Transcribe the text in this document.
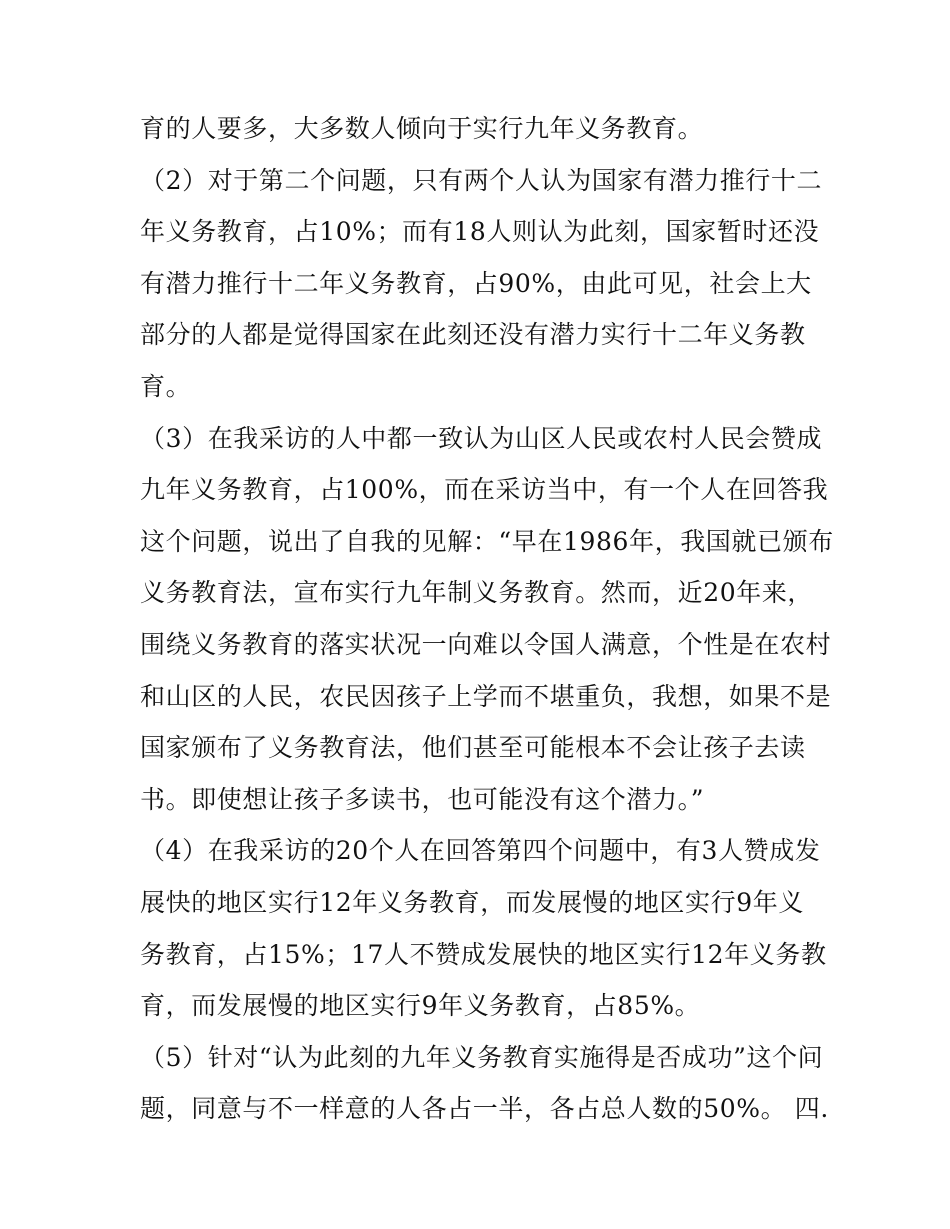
育的人要多，大多数人倾向于实行九年义务教育。
（2）对于第二个问题，只有两个人认为国家有潜力推行十二
年义务教育，占10%；而有18人则认为此刻，国家暂时还没
有潜力推行十二年义务教育，占90%，由此可见，社会上大
部分的人都是觉得国家在此刻还没有潜力实行十二年义务教
育。
（3）在我采访的人中都一致认为山区人民或农村人民会赞成
九年义务教育，占100%，而在采访当中，有一个人在回答我
这个问题，说出了自我的见解：“早在1986年，我国就已颁布
义务教育法，宣布实行九年制义务教育。然而，近20年来，
围绕义务教育的落实状况一向难以令国人满意，个性是在农村
和山区的人民，农民因孩子上学而不堪重负，我想，如果不是
国家颁布了义务教育法，他们甚至可能根本不会让孩子去读
书。即使想让孩子多读书，也可能没有这个潜力。”
（4）在我采访的20个人在回答第四个问题中，有3人赞成发
展快的地区实行12年义务教育，而发展慢的地区实行9年义
务教育，占15%；17人不赞成发展快的地区实行12年义务教
育，而发展慢的地区实行9年义务教育，占85%。
（5）针对“认为此刻的九年义务教育实施得是否成功”这个问
题，同意与不一样意的人各占一半，各占总人数的50%。 四.
